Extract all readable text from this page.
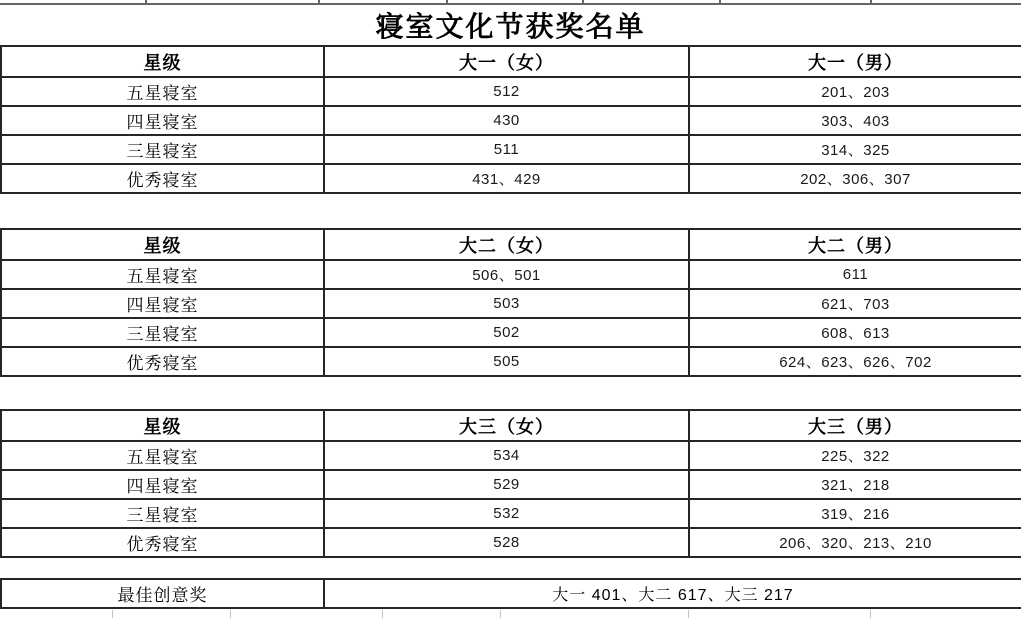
寝室文化节获奖名单
星级	大一（女）	大一（男）
五星寝室	512	201、203
四星寝室	430	303、403
三星寝室	511	314、325
优秀寝室	431、429	202、306、307
星级	大二（女）	大二（男）
五星寝室	506、501	611
四星寝室	503	621、703
三星寝室	502	608、613
优秀寝室	505	624、623、626、702
星级	大三（女）	大三（男）
五星寝室	534	225、322
四星寝室	529	321、218
三星寝室	532	319、216
优秀寝室	528	206、320、213、210
最佳创意奖	大一 401、大二 617、大三 217
